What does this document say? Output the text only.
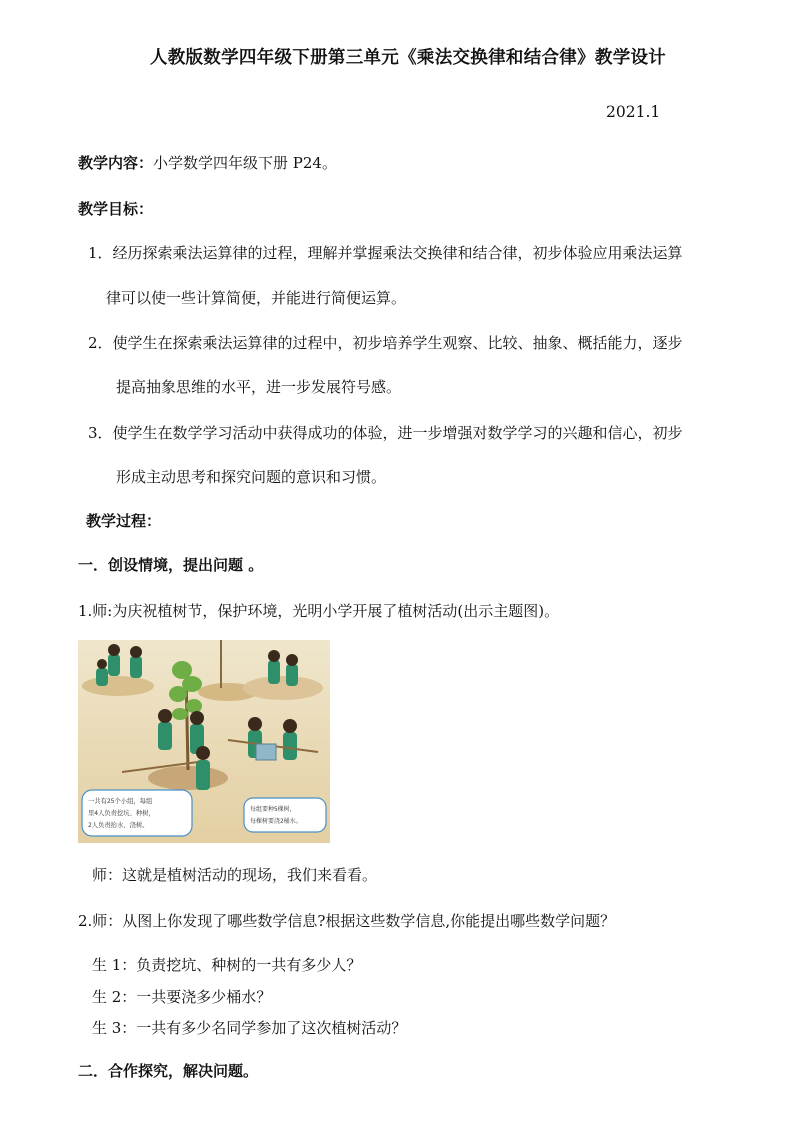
人教版数学四年级下册第三单元《乘法交换律和结合律》教学设计
2021.1
教学内容：小学数学四年级下册 P24。
教学目标：
1．经历探索乘法运算律的过程，理解并掌握乘法交换律和结合律，初步体验应用乘法运算
律可以使一些计算简便，并能进行简便运算。
2．使学生在探索乘法运算律的过程中，初步培养学生观察、比较、抽象、概括能力，逐步
提高抽象思维的水平，进一步发展符号感。
3．使学生在数学学习活动中获得成功的体验，进一步增强对数学学习的兴趣和信心，初步
形成主动思考和探究问题的意识和习惯。
教学过程：
一．创设情境，提出问题 。
1.师:为庆祝植树节，保护环境，光明小学开展了植树活动(出示主题图)。
一共有25个小组，每组
里4人负责挖坑、种树，
2人负责抬水、浇树。
每组要种5棵树，
每棵树要浇2桶水。
师：这就是植树活动的现场，我们来看看。
2.师：从图上你发现了哪些数学信息?根据这些数学信息,你能提出哪些数学问题？
生 1：负责挖坑、种树的一共有多少人？
生 2：一共要浇多少桶水？
生 3：一共有多少名同学参加了这次植树活动？
二．合作探究，解决问题。
